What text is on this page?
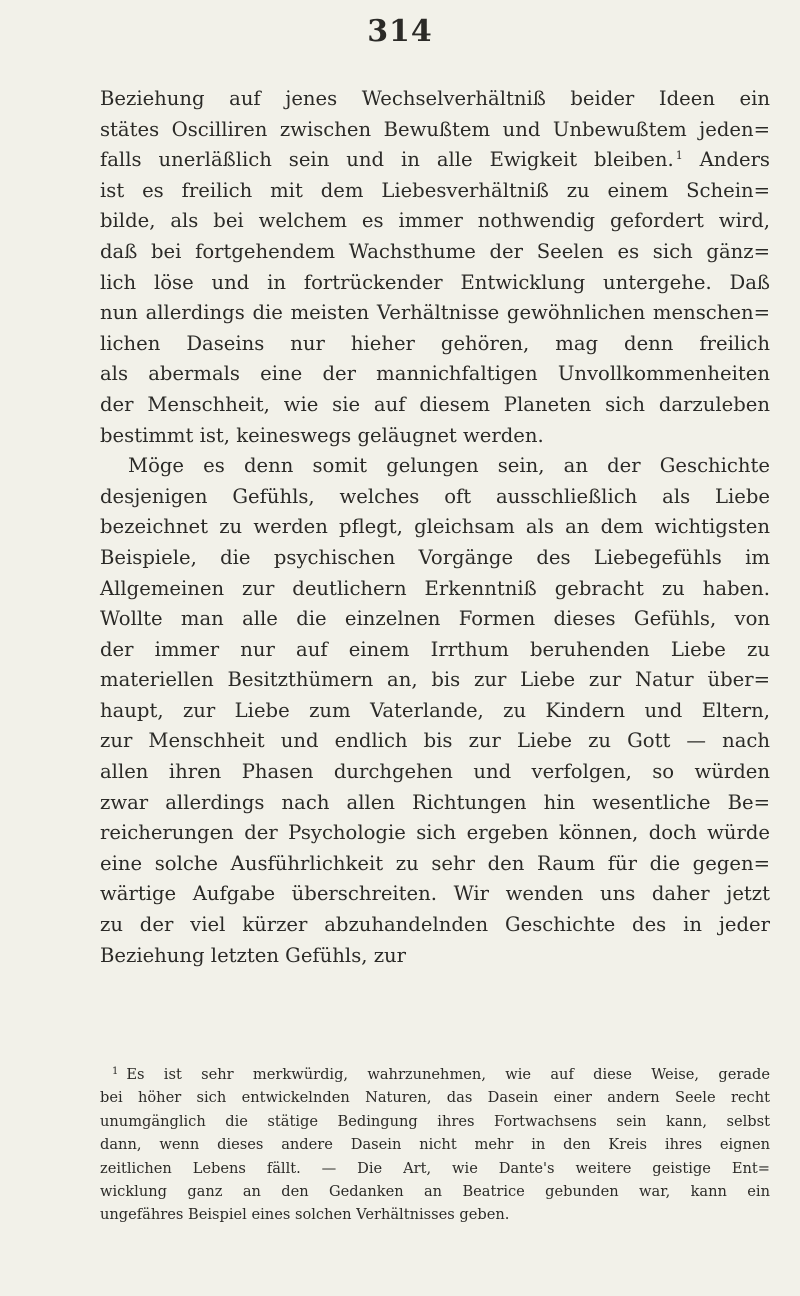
314
Beziehung auf jenes Wechselverhältniß beider Ideen ein
stätes Oscilliren zwischen Bewußtem und Unbewußtem jeden=
falls unerläßlich sein und in alle Ewigkeit bleiben. $^1$ Anders
ist es freilich mit dem Liebesverhältniß zu einem Schein=
bilde, als bei welchem es immer nothwendig gefordert wird,
daß bei fortgehendem Wachsthume der Seelen es sich gänz=
lich löse und in fortrückender Entwicklung untergehe. Daß
nun allerdings die meisten Verhältnisse gewöhnlichen menschen=
lichen Daseins nur hieher gehören, mag denn freilich
als abermals eine der mannichfaltigen Unvollkommenheiten
der Menschheit, wie sie auf diesem Planeten sich darzuleben
bestimmt ist, keineswegs geläugnet werden.
Möge es denn somit gelungen sein, an der Geschichte
desjenigen Gefühls, welches oft ausschließlich als Liebe
bezeichnet zu werden pflegt, gleichsam als an dem wichtigsten
Beispiele, die psychischen Vorgänge des Liebegefühls im
Allgemeinen zur deutlichern Erkenntniß gebracht zu haben.
Wollte man alle die einzelnen Formen dieses Gefühls, von
der immer nur auf einem Irrthum beruhenden Liebe zu
materiellen Besitzthümern an, bis zur Liebe zur Natur über=
haupt, zur Liebe zum Vaterlande, zu Kindern und Eltern,
zur Menschheit und endlich bis zur Liebe zu Gott — nach
allen ihren Phasen durchgehen und verfolgen, so würden
zwar allerdings nach allen Richtungen hin wesentliche Be=
reicherungen der Psychologie sich ergeben können, doch würde
eine solche Ausführlichkeit zu sehr den Raum für die gegen=
wärtige Aufgabe überschreiten. Wir wenden uns daher jetzt
zu der viel kürzer abzuhandelnden Geschichte des in jeder
Beziehung letzten Gefühls, zur
$^1$ Es ist sehr merkwürdig, wahrzunehmen, wie auf diese Weise, gerade
bei höher sich entwickelnden Naturen, das Dasein einer andern Seele recht
unumgänglich die stätige Bedingung ihres Fortwachsens sein kann, selbst
dann, wenn dieses andere Dasein nicht mehr in den Kreis ihres eignen
zeitlichen Lebens fällt. — Die Art, wie Dante's weitere geistige Ent=
wicklung ganz an den Gedanken an Beatrice gebunden war, kann ein
ungefähres Beispiel eines solchen Verhältnisses geben.
